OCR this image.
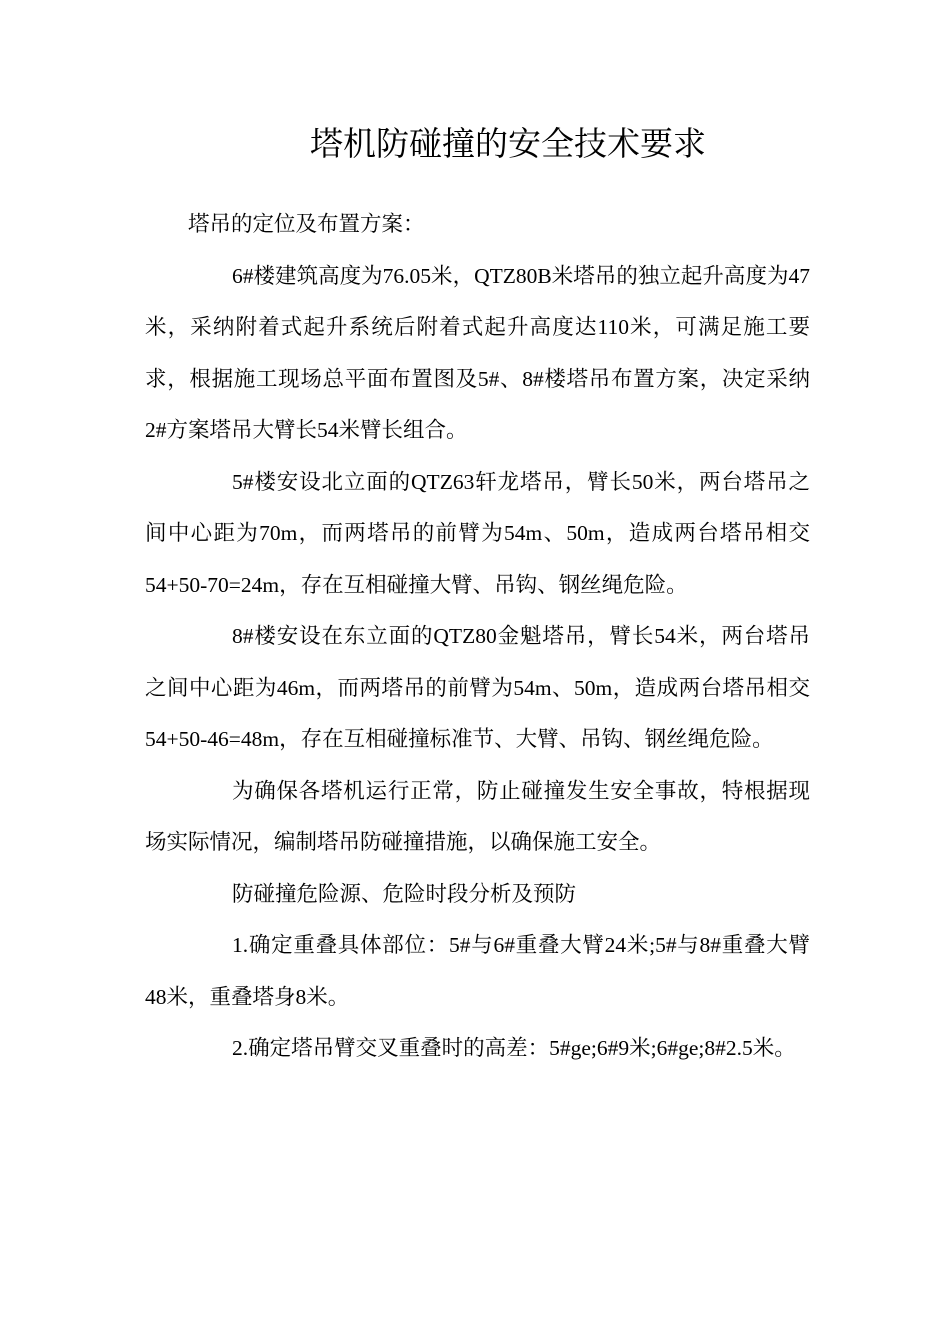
塔机防碰撞的安全技术要求

塔吊的定位及布置方案：

6#楼建筑高度为76.05米，QTZ80B米塔吊的独立起升高度为47米，采纳附着式起升系统后附着式起升高度达110米，可满足施工要求，根据施工现场总平面布置图及5#、8#楼塔吊布置方案，决定采纳2#方案塔吊大臂长54米臂长组合。

5#楼安设北立面的QTZ63轩龙塔吊，臂长50米，两台塔吊之间中心距为70m，而两塔吊的前臂为54m、50m，造成两台塔吊相交54+50-70=24m，存在互相碰撞大臂、吊钩、钢丝绳危险。

8#楼安设在东立面的QTZ80金魁塔吊，臂长54米，两台塔吊之间中心距为46m，而两塔吊的前臂为54m、50m，造成两台塔吊相交54+50-46=48m，存在互相碰撞标准节、大臂、吊钩、钢丝绳危险。

为确保各塔机运行正常，防止碰撞发生安全事故，特根据现场实际情况，编制塔吊防碰撞措施，以确保施工安全。

防碰撞危险源、危险时段分析及预防

1.确定重叠具体部位：5#与6#重叠大臂24米;5#与8#重叠大臂48米，重叠塔身8米。

2.确定塔吊臂交叉重叠时的高差：5#ge;6#9米;6#ge;8#2.5米。
